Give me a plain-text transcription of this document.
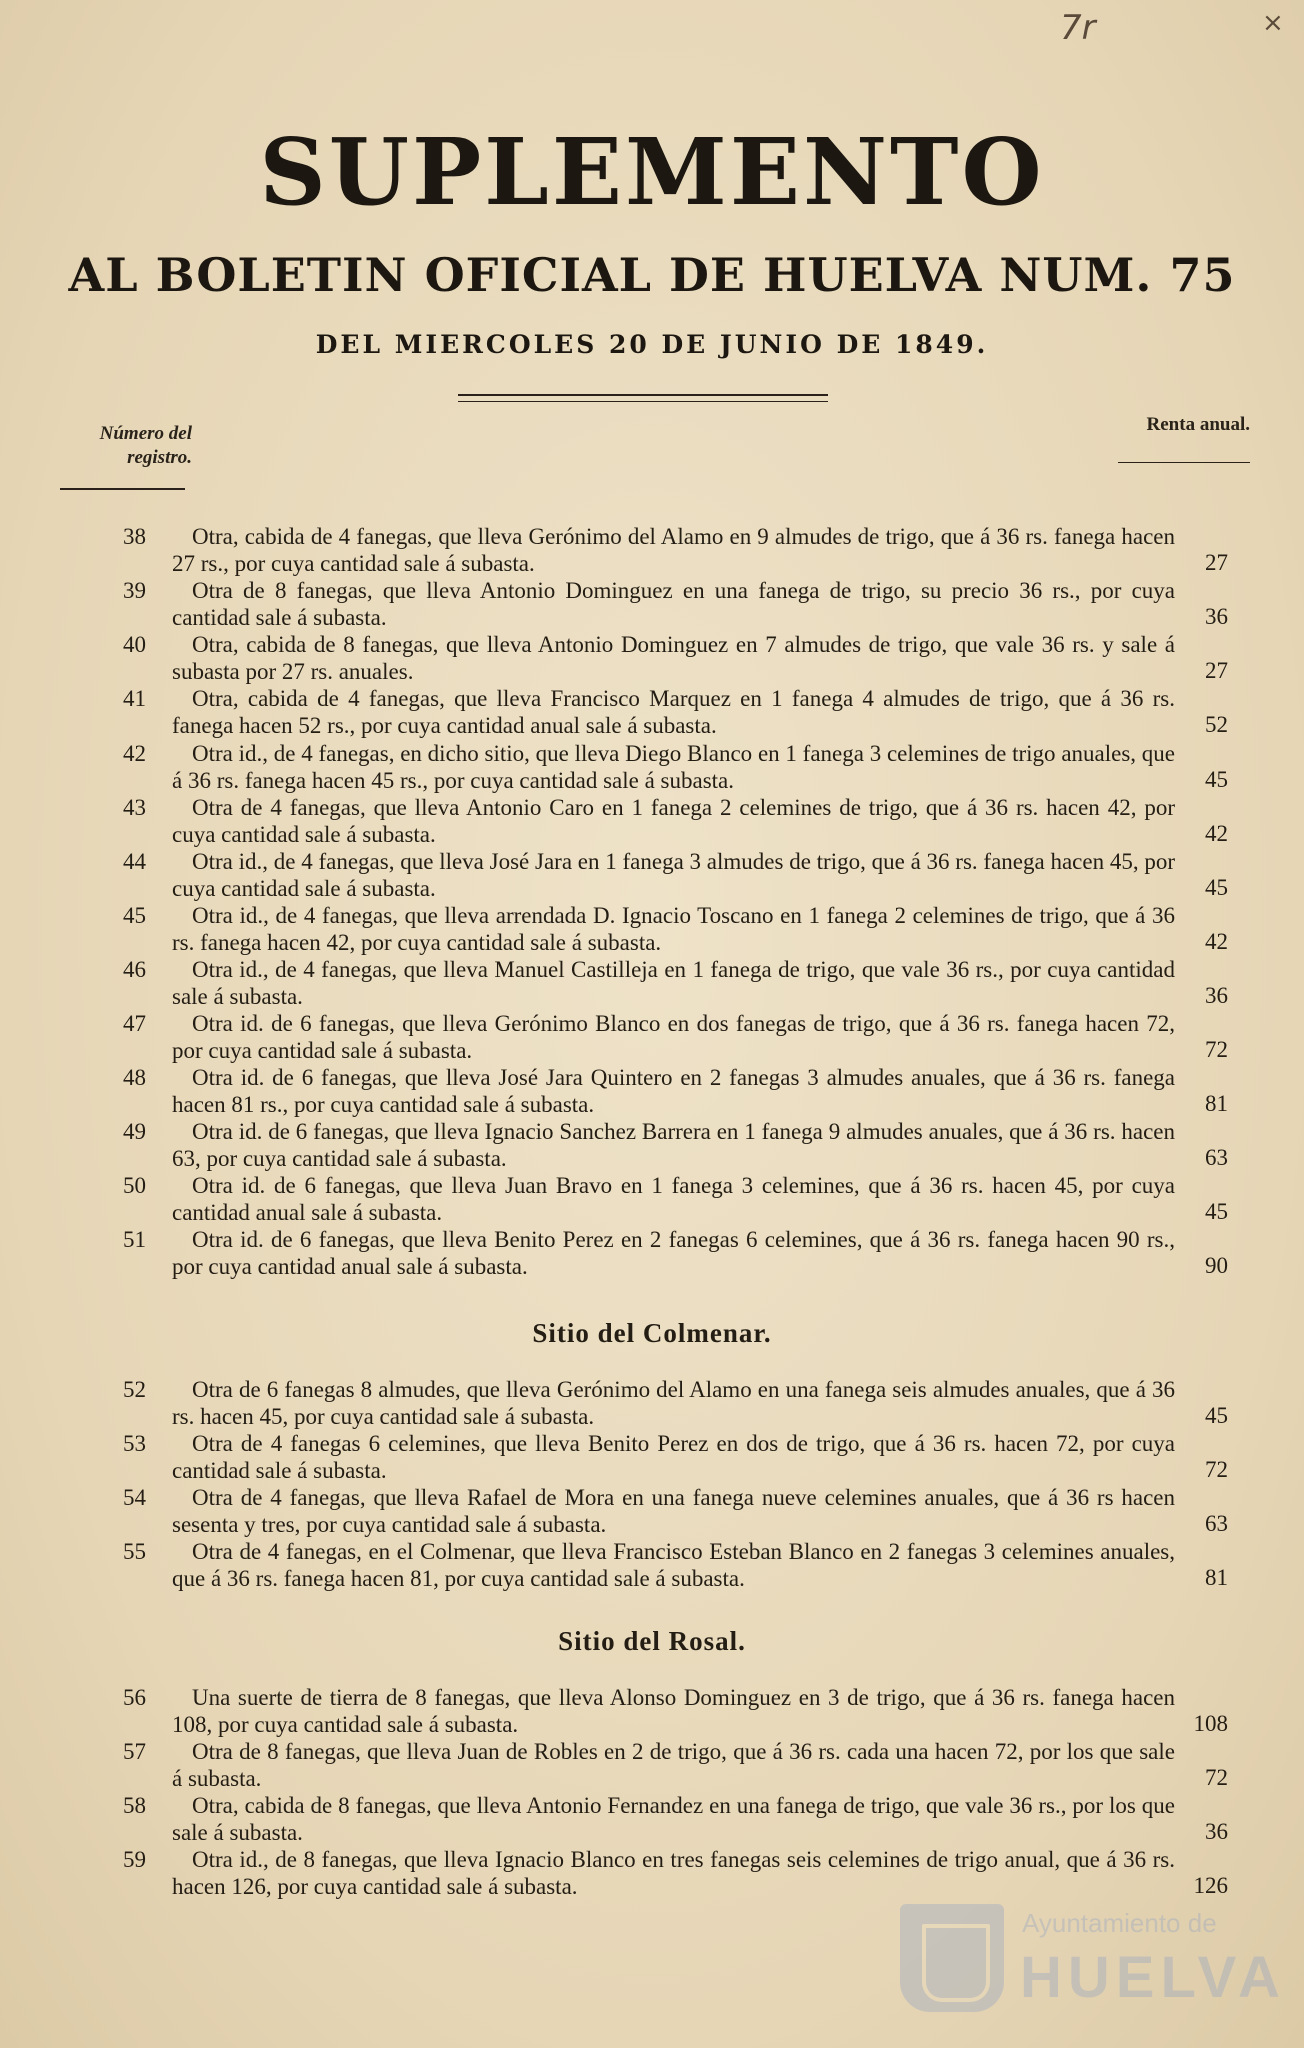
7r	×
SUPLEMENTO
AL BOLETIN OFICIAL DE HUELVA NUM. 75
DEL MIERCOLES 20 DE JUNIO DE 1849.
Número del registro.
Renta anual.
38	Otra, cabida de 4 fanegas, que lleva Gerónimo del Alamo en 9 almudes de trigo, que á 36 rs. fanega hacen 27 rs., por cuya cantidad sale á subasta.	27
39	Otra de 8 fanegas, que lleva Antonio Dominguez en una fanega de trigo, su precio 36 rs., por cuya cantidad sale á subasta.	36
40	Otra, cabida de 8 fanegas, que lleva Antonio Dominguez en 7 almudes de trigo, que vale 36 rs. y sale á subasta por 27 rs. anuales.	27
41	Otra, cabida de 4 fanegas, que lleva Francisco Marquez en 1 fanega 4 almudes de trigo, que á 36 rs. fanega hacen 52 rs., por cuya cantidad anual sale á subasta.	52
42	Otra id., de 4 fanegas, en dicho sitio, que lleva Diego Blanco en 1 fanega 3 celemines de trigo anuales, que á 36 rs. fanega hacen 45 rs., por cuya cantidad sale á subasta.	45
43	Otra de 4 fanegas, que lleva Antonio Caro en 1 fanega 2 celemines de trigo, que á 36 rs. hacen 42, por cuya cantidad sale á subasta.	42
44	Otra id., de 4 fanegas, que lleva José Jara en 1 fanega 3 almudes de trigo, que á 36 rs. fanega hacen 45, por cuya cantidad sale á subasta.	45
45	Otra id., de 4 fanegas, que lleva arrendada D. Ignacio Toscano en 1 fanega 2 celemines de trigo, que á 36 rs. fanega hacen 42, por cuya cantidad sale á subasta.	42
46	Otra id., de 4 fanegas, que lleva Manuel Castilleja en 1 fanega de trigo, que vale 36 rs., por cuya cantidad sale á subasta.	36
47	Otra id. de 6 fanegas, que lleva Gerónimo Blanco en dos fanegas de trigo, que á 36 rs. fanega hacen 72, por cuya cantidad sale á subasta.	72
48	Otra id. de 6 fanegas, que lleva José Jara Quintero en 2 fanegas 3 almudes anuales, que á 36 rs. fanega hacen 81 rs., por cuya cantidad sale á subasta.	81
49	Otra id. de 6 fanegas, que lleva Ignacio Sanchez Barrera en 1 fanega 9 almudes anuales, que á 36 rs. hacen 63, por cuya cantidad sale á subasta.	63
50	Otra id. de 6 fanegas, que lleva Juan Bravo en 1 fanega 3 celemines, que á 36 rs. hacen 45, por cuya cantidad anual sale á subasta.	45
51	Otra id. de 6 fanegas, que lleva Benito Perez en 2 fanegas 6 celemines, que á 36 rs. fanega hacen 90 rs., por cuya cantidad anual sale á subasta.	90
Sitio del Colmenar.
52	Otra de 6 fanegas 8 almudes, que lleva Gerónimo del Alamo en una fanega seis almudes anuales, que á 36 rs. hacen 45, por cuya cantidad sale á subasta.	45
53	Otra de 4 fanegas 6 celemines, que lleva Benito Perez en dos de trigo, que á 36 rs. hacen 72, por cuya cantidad sale á subasta.	72
54	Otra de 4 fanegas, que lleva Rafael de Mora en una fanega nueve celemines anuales, que á 36 rs hacen sesenta y tres, por cuya cantidad sale á subasta.	63
55	Otra de 4 fanegas, en el Colmenar, que lleva Francisco Esteban Blanco en 2 fanegas 3 celemines anuales, que á 36 rs. fanega hacen 81, por cuya cantidad sale á subasta.	81
Sitio del Rosal.
56	Una suerte de tierra de 8 fanegas, que lleva Alonso Dominguez en 3 de trigo, que á 36 rs. fanega hacen 108, por cuya cantidad sale á subasta.	108
57	Otra de 8 fanegas, que lleva Juan de Robles en 2 de trigo, que á 36 rs. cada una hacen 72, por los que sale á subasta.	72
58	Otra, cabida de 8 fanegas, que lleva Antonio Fernandez en una fanega de trigo, que vale 36 rs., por los que sale á subasta.	36
59	Otra id., de 8 fanegas, que lleva Ignacio Blanco en tres fanegas seis celemines de trigo anual, que á 36 rs. hacen 126, por cuya cantidad sale á subasta.	126
Ayuntamiento de
HUELVA
